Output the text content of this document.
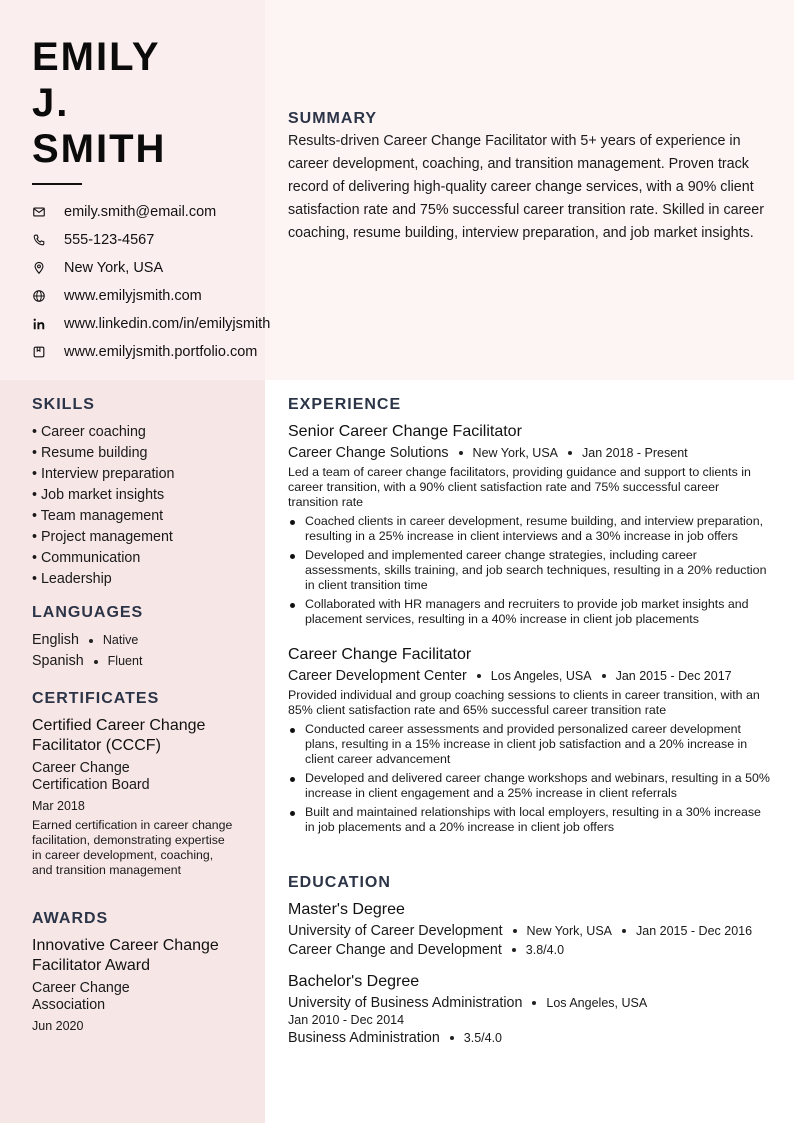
EMILY
J.
SMITH
emily.smith@email.com
555-123-4567
New York, USA
www.emilyjsmith.com
www.linkedin.com/in/emilyjsmith
www.emilyjsmith.portfolio.com
SUMMARY

Results-driven Career Change Facilitator with 5+ years of experience in career development, coaching, and transition management. Proven track record of delivering high-quality career change services, with a 90% client satisfaction rate and 75% successful career transition rate. Skilled in career coaching, resume building, interview preparation, and job market insights.

SKILLS
• Career coaching
• Resume building
• Interview preparation
• Job market insights
• Team management
• Project management
• Communication
• Leadership
LANGUAGES
English Native
Spanish Fluent
CERTIFICATES
Certified Career Change Facilitator (CCCF)
Career Change Certification Board
Mar 2018
Earned certification in career change facilitation, demonstrating expertise in career development, coaching, and transition management
AWARDS
Innovative Career Change Facilitator Award
Career Change Association
Jun 2020
EXPERIENCE
Senior Career Change Facilitator
Career Change Solutions New York, USA Jan 2018 - Present
Led a team of career change facilitators, providing guidance and support to clients in career transition, with a 90% client satisfaction rate and 75% successful career transition rate
Coached clients in career development, resume building, and interview preparation, resulting in a 25% increase in client interviews and a 30% increase in job offers
Developed and implemented career change strategies, including career assessments, skills training, and job search techniques, resulting in a 20% reduction in client transition time
Collaborated with HR managers and recruiters to provide job market insights and placement services, resulting in a 40% increase in client job placements
Career Change Facilitator
Career Development Center Los Angeles, USA Jan 2015 - Dec 2017
Provided individual and group coaching sessions to clients in career transition, with an 85% client satisfaction rate and 65% successful career transition rate
Conducted career assessments and provided personalized career development plans, resulting in a 15% increase in client job satisfaction and a 20% increase in client career advancement
Developed and delivered career change workshops and webinars, resulting in a 50% increase in client engagement and a 25% increase in client referrals
Built and maintained relationships with local employers, resulting in a 30% increase in job placements and a 20% increase in client job offers
EDUCATION
Master's Degree
University of Career Development New York, USA Jan 2015 - Dec 2016
Career Change and Development 3.8/4.0
Bachelor's Degree
University of Business Administration Los Angeles, USA
Jan 2010 - Dec 2014
Business Administration 3.5/4.0
